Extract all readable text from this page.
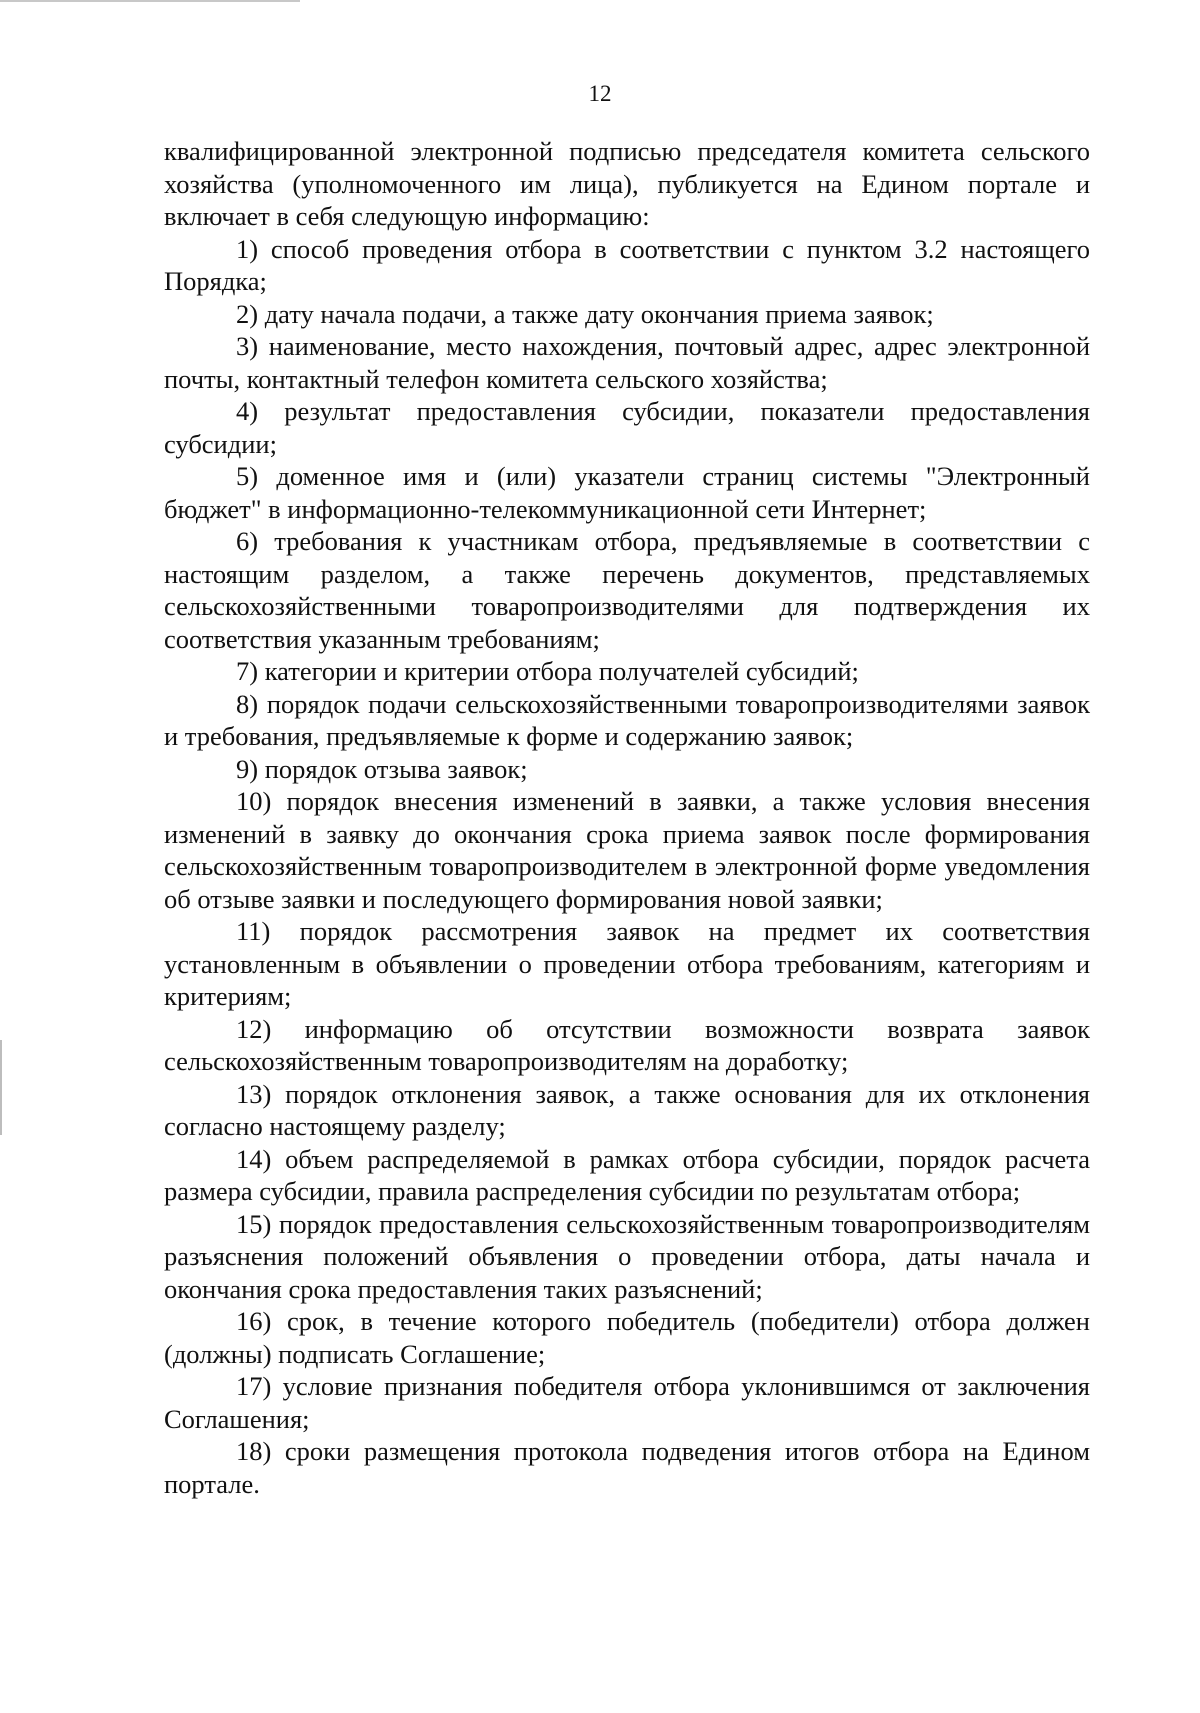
12

квалифицированной электронной подписью председателя комитета сельского хозяйства (уполномоченного им лица), публикуется на Едином портале и включает в себя следующую информацию:

1) способ проведения отбора в соответствии с пунктом 3.2 настоящего Порядка;

2) дату начала подачи, а также дату окончания приема заявок;

3) наименование, место нахождения, почтовый адрес, адрес электронной почты, контактный телефон комитета сельского хозяйства;

4) результат предоставления субсидии, показатели предоставления субсидии;

5) доменное имя и (или) указатели страниц системы "Электронный бюджет" в информационно-телекоммуникационной сети Интернет;

6) требования к участникам отбора, предъявляемые в соответствии с настоящим разделом, а также перечень документов, представляемых сельскохозяйственными товаропроизводителями для подтверждения их соответствия указанным требованиям;

7) категории и критерии отбора получателей субсидий;

8) порядок подачи сельскохозяйственными товаропроизводителями заявок и требования, предъявляемые к форме и содержанию заявок;

9) порядок отзыва заявок;

10) порядок внесения изменений в заявки, а также условия внесения изменений в заявку до окончания срока приема заявок после формирования сельскохозяйственным товаропроизводителем в электронной форме уведомления об отзыве заявки и последующего формирования новой заявки;

11) порядок рассмотрения заявок на предмет их соответствия установленным в объявлении о проведении отбора требованиям, категориям и критериям;

12) информацию об отсутствии возможности возврата заявок сельскохозяйственным товаропроизводителям на доработку;

13) порядок отклонения заявок, а также основания для их отклонения согласно настоящему разделу;

14) объем распределяемой в рамках отбора субсидии, порядок расчета размера субсидии, правила распределения субсидии по результатам отбора;

15) порядок предоставления сельскохозяйственным товаропроизводителям разъяснения положений объявления о проведении отбора, даты начала и окончания срока предоставления таких разъяснений;

16) срок, в течение которого победитель (победители) отбора должен (должны) подписать Соглашение;

17) условие признания победителя отбора уклонившимся от заключения Соглашения;

18) сроки размещения протокола подведения итогов отбора на Едином портале.
